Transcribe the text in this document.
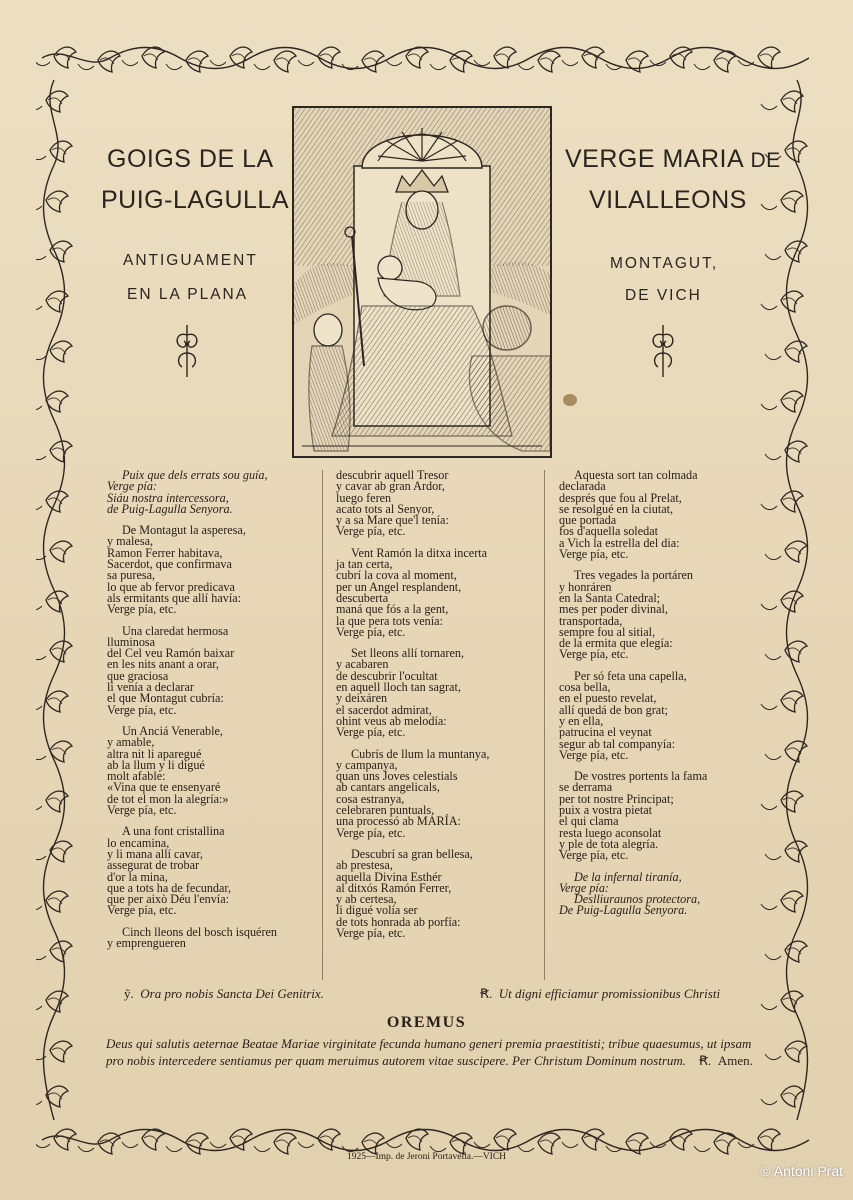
GOIGS DE LA
PUIG-LAGULLA
VERGE MARIA DE
VILALLEONS
ANTIGUAMENT
EN LA PLANA
MONTAGUT,
DE VICH
Puix que dels errats sou guía,
Verge pía:
Siáu nostra intercessora,
de Puig-Lagulla Senyora.
De Montagut la asperesa,
y malesa,
Ramon Ferrer habitava,
Sacerdot, que confirmava
sa puresa,
lo que ab fervor predicava
als ermitants que allí havía:
Verge pía, etc.
Una claredat hermosa
lluminosa
del Cel veu Ramón baixar
en les nits anant a orar,
que graciosa
li venía a declarar
el que Montagut cubría:
Verge pía, etc.
Un Anciá Venerable,
y amable,
altra nit li aparegué
ab la llum y li digué
molt afable:
«Vina que te ensenyaré
de tot el mon la alegría:»
Verge pía, etc.
A una font cristallina
lo encamina,
y li mana allí cavar,
assegurat de trobar
d'or la mina,
que a tots ha de fecundar,
que per això Déu l'envía:
Verge pía, etc.
Cinch lleons del bosch isquéren
y emprengueren
descubrir aquell Tresor
y cavar ab gran Ardor,
luego feren
acato tots al Senyor,
y a sa Mare que'l tenía:
Verge pía, etc.
Vent Ramón la ditxa incerta
ja tan certa,
cubrí la cova al moment,
per un Angel resplandent,
descuberta
maná que fós a la gent,
la que pera tots venía:
Verge pía, etc.
Set lleons allí tornaren,
y acabaren
de descubrir l'ocultat
en aquell lloch tan sagrat,
y deixáren
el sacerdot admirat,
ohint veus ab melodía:
Verge pía, etc.
Cubrís de llum la muntanya,
y campanya,
quan uns Joves celestials
ab cantars angelicals,
cosa estranya,
celebraren puntuals,
una processó ab MARÍA:
Verge pía, etc.
Descubrí sa gran bellesa,
ab prestesa,
aquella Divina Esthér
al ditxós Ramón Ferrer,
y ab certesa,
li digué volía ser
de tots honrada ab porfía:
Verge pía, etc.
Aquesta sort tan colmada
declarada
després que fou al Prelat,
se resolgué en la ciutat,
que portada
fos d'aquella soledat
a Vich la estrella del dia:
Verge pía, etc.
Tres vegades la portáren
y honráren
en la Santa Catedral;
mes per poder divinal,
transportada,
sempre fou al sitial,
de la ermita que elegía:
Verge pía, etc.
Per só feta una capella,
cosa bella,
en el puesto revelat,
allí quedá de bon grat;
y en ella,
patrucina el veynat
segur ab tal companyía:
Verge pía, etc.
De vostres portents la fama
se derrama
per tot nostre Principat;
puix a vostra pietat
el qui clama
resta luego aconsolat
y ple de tota alegría.
Verge pía, etc.
De la infernal tiranía,
Verge pía:
Deslliuraunos protectora,
De Puig-Lagulla Senyora.
ỹ. Ora pro nobis Sancta Dei Genitrix.	Ꞧ. Ut digni efficiamur promissionibus Christi
OREMUS
Deus qui salutis aeternae Beatae Mariae virginitate fecunda humano generi premia praestitisti; tribue quaesumus, ut ipsam pro nobis intercedere sentiamus per quam meruimus autorem vitae suscipere. Per Christum Dominum nostrum. Ꞧ. Amen.
1925—Imp. de Jeroni Portavella.—VICH
© Antoni Prat
